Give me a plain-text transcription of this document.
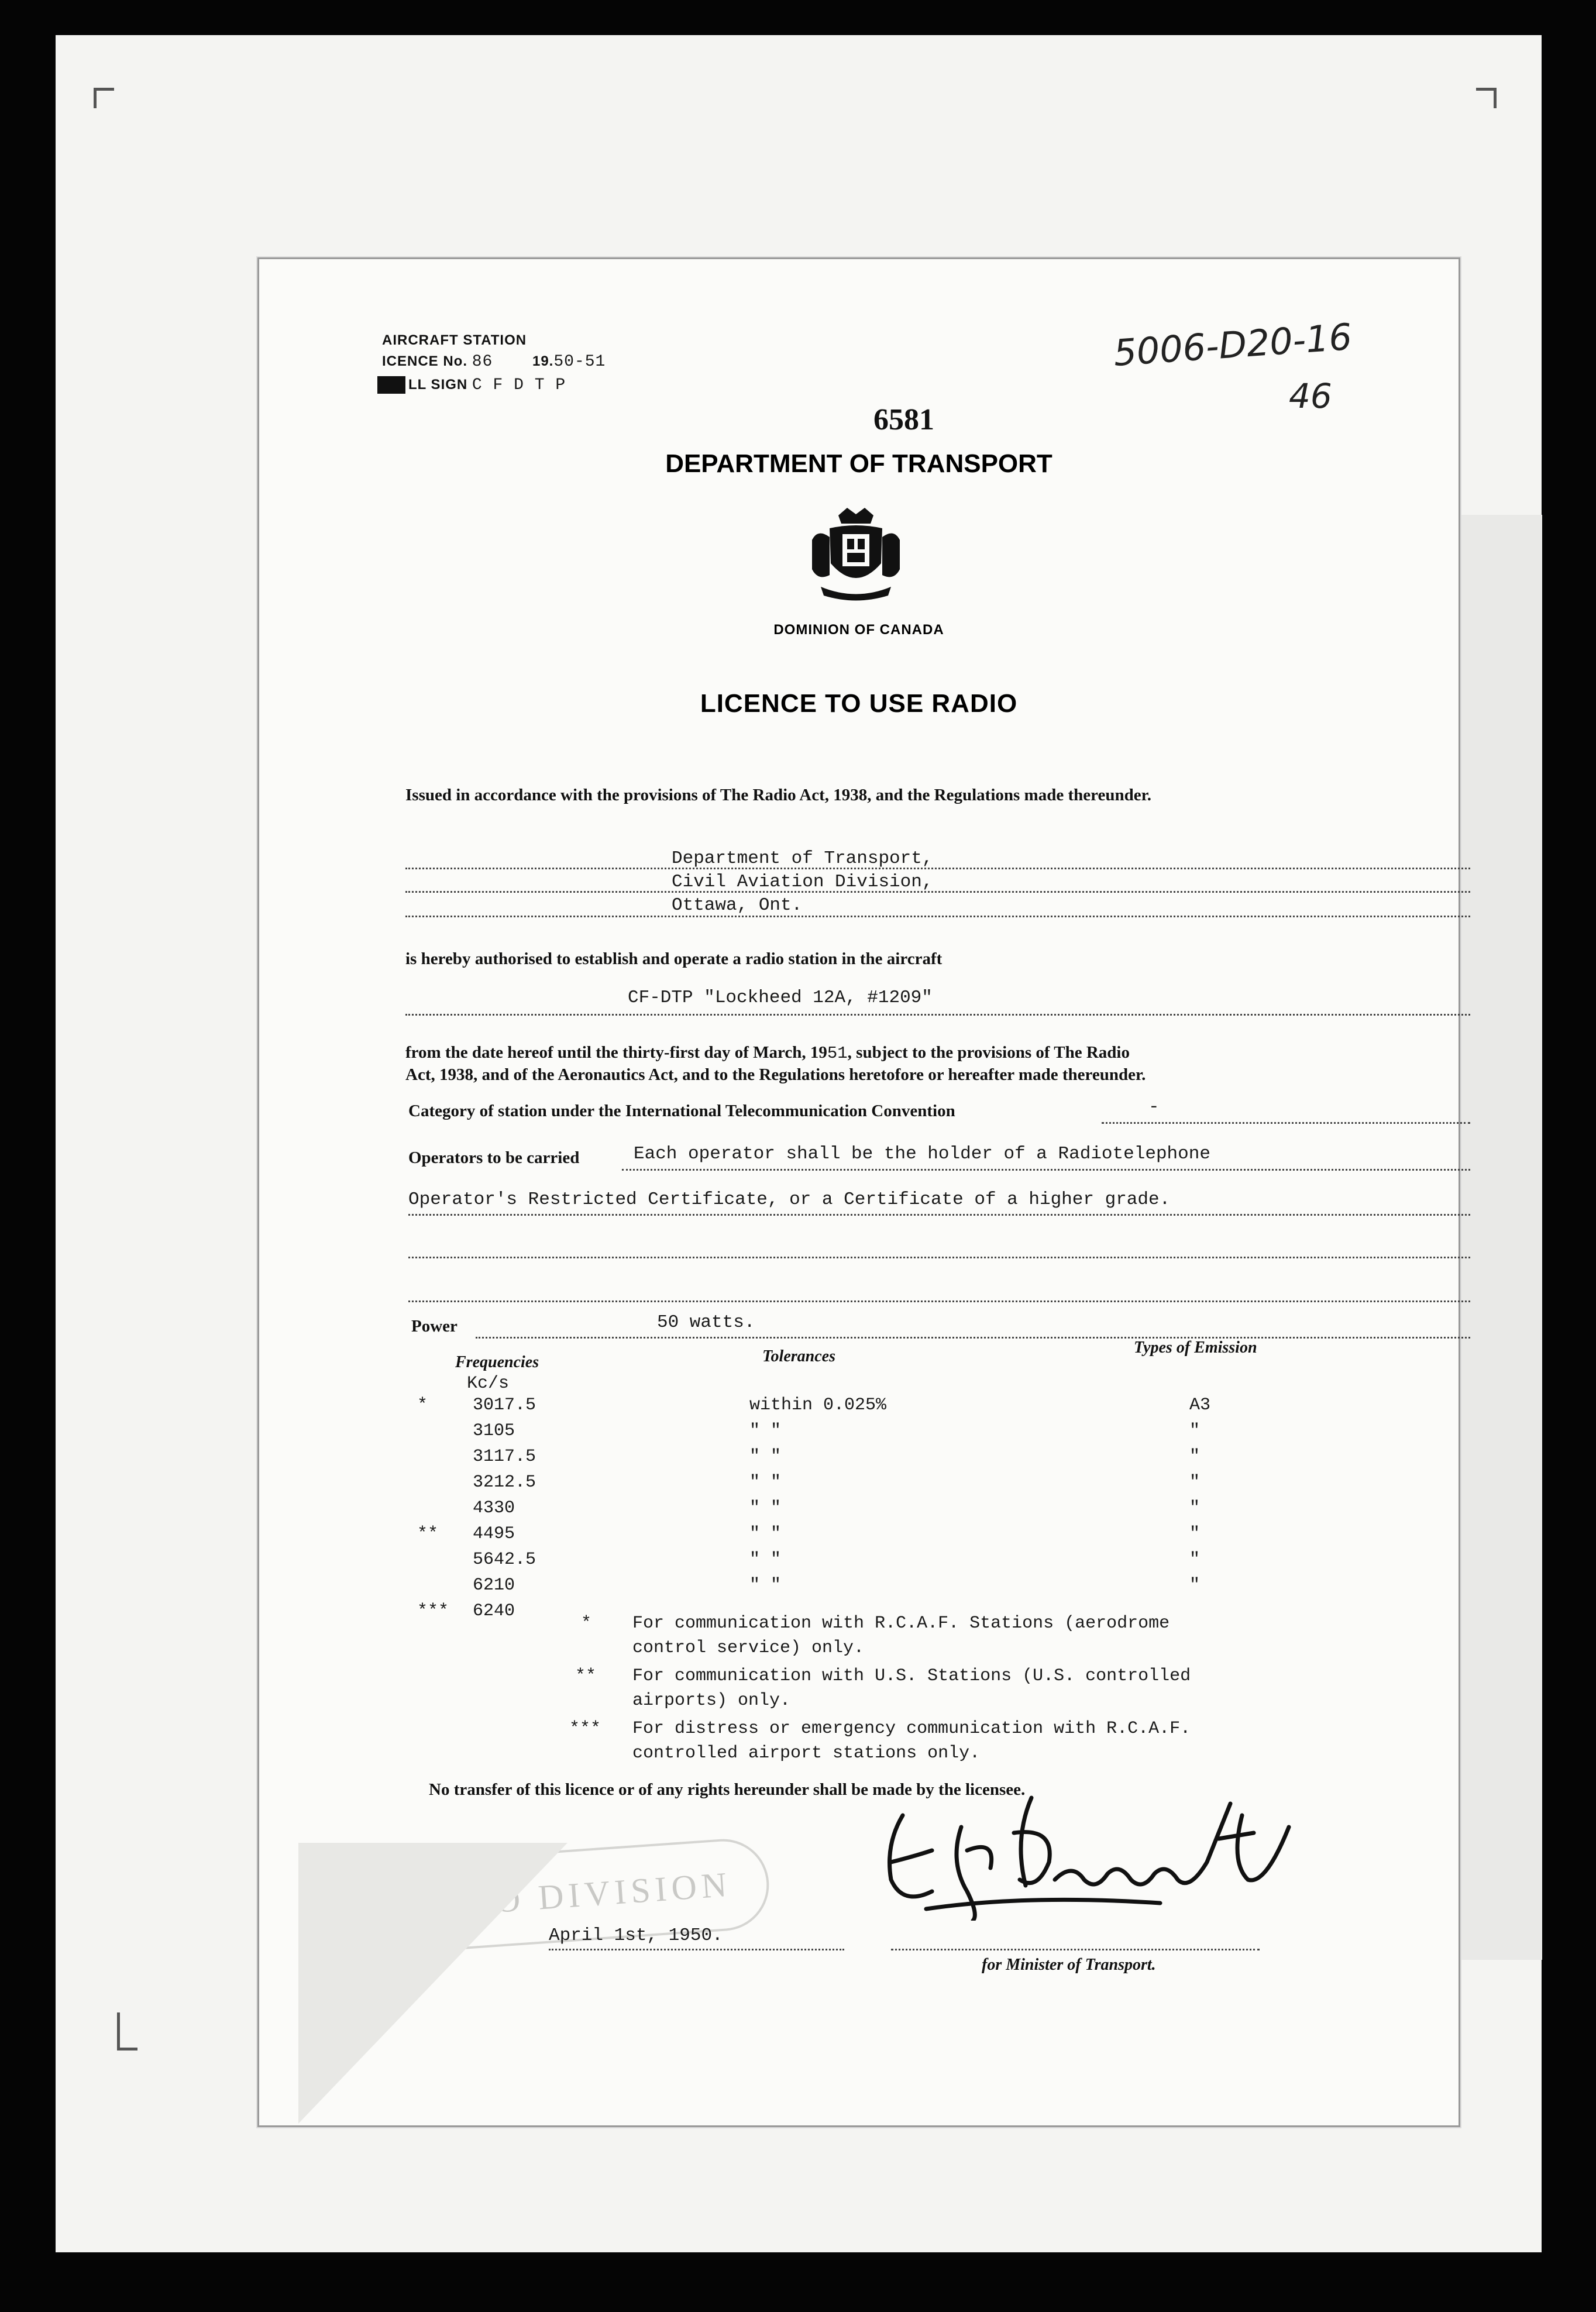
AIRCRAFT STATION
ICENCE No. 86	19.50-51
LL SIGN C F D T P
5006-D20-16
46
6581
DEPARTMENT OF TRANSPORT
DOMINION OF CANADA
LICENCE TO USE RADIO
Issued in accordance with the provisions of The Radio Act, 1938, and the Regulations made thereunder.
Department of Transport,
Civil Aviation Division,
Ottawa, Ont.
is hereby authorised to establish and operate a radio station in the aircraft
CF-DTP "Lockheed 12A, #1209"
from the date hereof until the thirty-first day of March, 1951, subject to the provisions of The Radio
Act, 1938, and of the Aeronautics Act, and to the Regulations heretofore or hereafter made thereunder.
Category of station under the International Telecommunication Convention	-
Operators to be carried	Each operator shall be the holder of a Radiotelephone
Operator's Restricted Certificate, or a Certificate of a higher grade.
Power	50 watts.
Frequencies	Tolerances	Types of Emission
Kc/s
*	3017.5	within 0.025%	A3
3105	" "	"
3117.5	" "	"
3212.5	" "	"
4330	" "	"
** 4495	" "	"
5642.5	" "	"
6210	" "	"
*** 6240
* For communication with R.C.A.F. Stations (aerodrome
control service) only.
** For communication with U.S. Stations (U.S. controlled
airports) only.
*** For distress or emergency communication with R.C.A.F.
controlled airport stations only.
No transfer of this licence or of any rights hereunder shall be made by the licensee.
RADIO DIVISION
April 1st, 1950.
for Minister of Transport.
